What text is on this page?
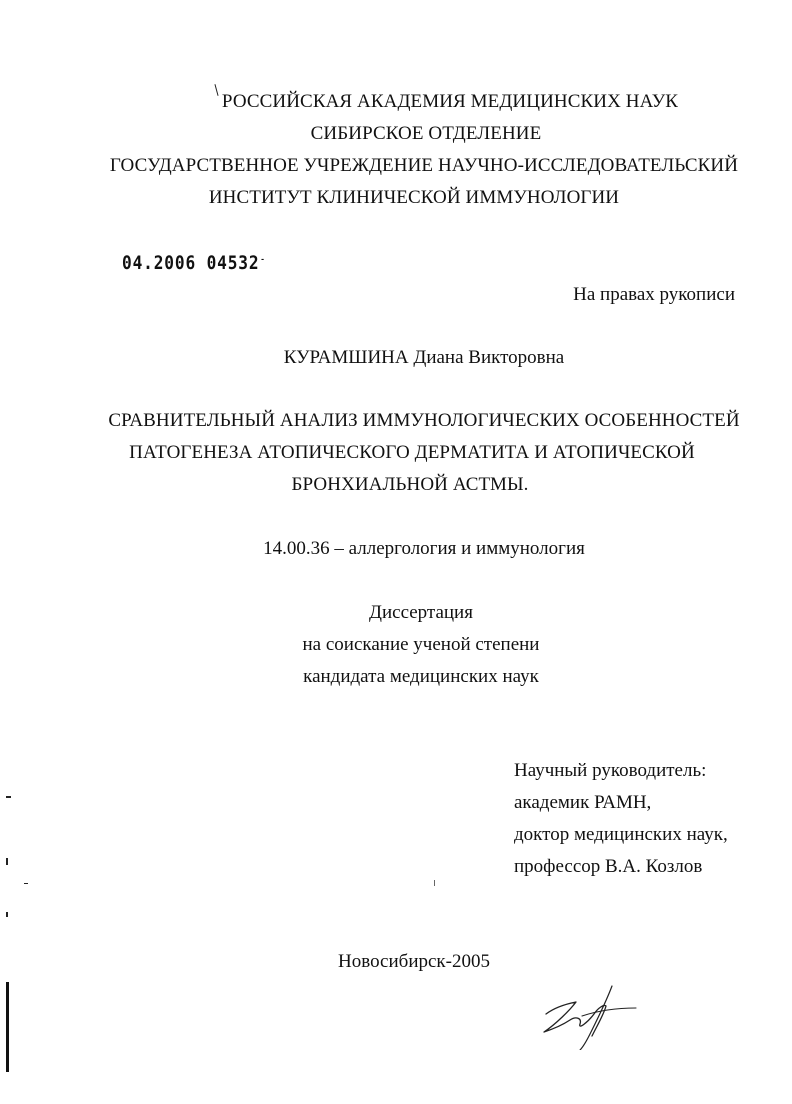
РОССИЙСКАЯ АКАДЕМИЯ МЕДИЦИНСКИХ НАУК
СИБИРСКОЕ ОТДЕЛЕНИЕ
ГОСУДАРСТВЕННОЕ УЧРЕЖДЕНИЕ НАУЧНО-ИССЛЕДОВАТЕЛЬСКИЙ
ИНСТИТУТ КЛИНИЧЕСКОЙ ИММУНОЛОГИИ
04.2006 04532˗
На правах рукописи
КУРАМШИНА Диана Викторовна
СРАВНИТЕЛЬНЫЙ АНАЛИЗ ИММУНОЛОГИЧЕСКИХ ОСОБЕННОСТЕЙ
ПАТОГЕНЕЗА АТОПИЧЕСКОГО ДЕРМАТИТА И АТОПИЧЕСКОЙ
БРОНХИАЛЬНОЙ АСТМЫ.
14.00.36 – аллергология и иммунология
Диссертация
на соискание ученой степени
кандидата медицинских наук
Научный руководитель:
академик РАМН,
доктор медицинских наук,
профессор В.А. Козлов
Новосибирск-2005
